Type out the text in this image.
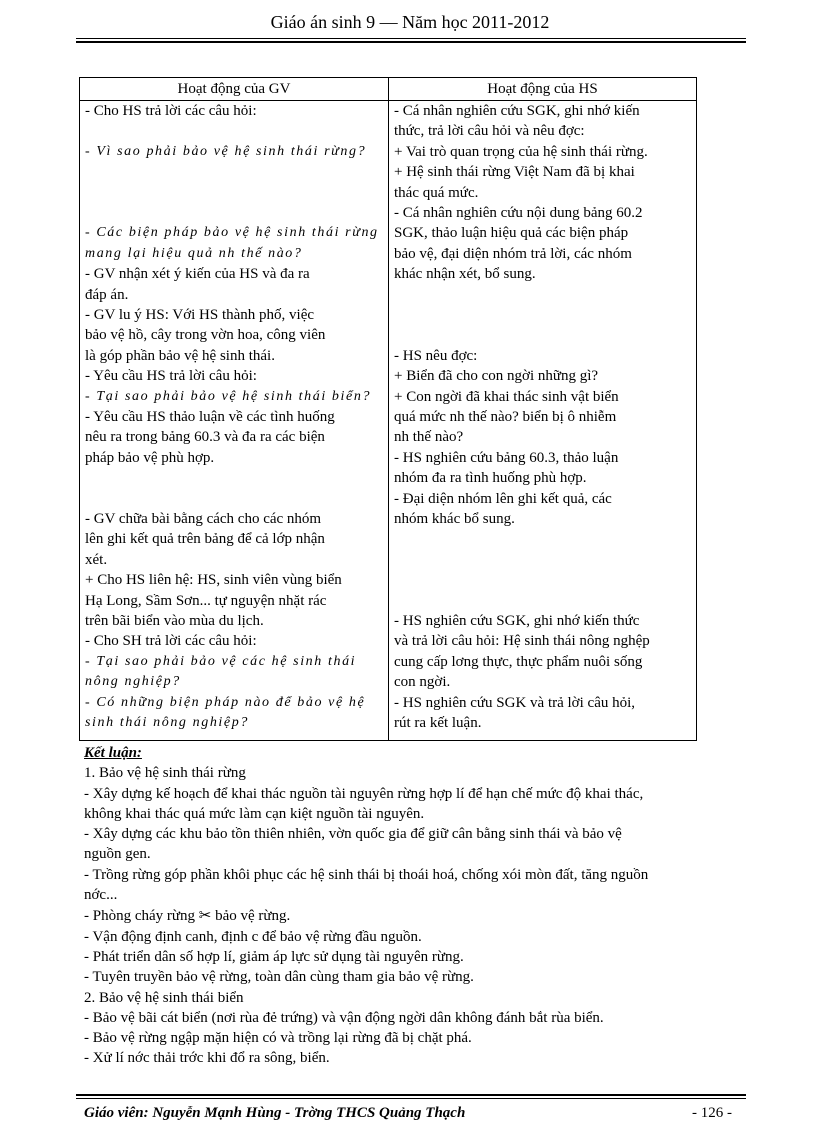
Giáo án sinh 9 — Năm học 2011-2012
Hoạt động của GV
- Cho HS trả lời các câu hỏi:
- Vì sao phải bảo vệ hệ sinh thái rừng?
- Các biện pháp bảo vệ hệ sinh thái rừng
mang lại hiệu quả nh thế nào?
- GV nhận xét ý kiến của HS và đa ra
đáp án.
- GV lu ý HS: Với HS thành phố, việc
bảo vệ hồ, cây trong vờn hoa, công viên
là góp phần bảo vệ hệ sinh thái.
- Yêu cầu HS trả lời câu hỏi:
- Tại sao phải bảo vệ hệ sinh thái biển?
- Yêu cầu HS thảo luận về các tình huống
nêu ra trong bảng 60.3 và đa ra các biện
pháp bảo vệ phù hợp.
- GV chữa bài bằng cách cho các nhóm
lên ghi kết quả trên bảng để cả lớp nhận
xét.
+ Cho HS liên hệ: HS, sinh viên vùng biển
Hạ Long, Sầm Sơn... tự nguyện nhặt rác
trên bãi biển vào mùa du lịch.
- Cho SH trả lời các câu hỏi:
- Tại sao phải bảo vệ các hệ sinh thái
nông nghiệp?
- Có những biện pháp nào để bảo vệ hệ
sinh thái nông nghiệp?
Hoạt động của HS
- Cá nhân nghiên cứu SGK, ghi nhớ kiến
thức, trả lời câu hỏi và nêu đợc:
+ Vai trò quan trọng của hệ sinh thái rừng.
+ Hệ sinh thái rừng Việt Nam đã bị khai
thác quá mức.
- Cá nhân nghiên cứu nội dung bảng 60.2
SGK, thảo luận hiệu quả các biện pháp
bảo vệ, đại diện nhóm trả lời, các nhóm
khác nhận xét, bổ sung.
- HS nêu đợc:
+ Biển đã cho con ngời những gì?
+ Con ngời đã khai thác sinh vật biển
quá mức nh thế nào? biển bị ô nhiễm
nh thế nào?
- HS nghiên cứu bảng 60.3, thảo luận
nhóm đa ra tình huống phù hợp.
- Đại diện nhóm lên ghi kết quả, các
nhóm khác bổ sung.
- HS nghiên cứu SGK, ghi nhớ kiến thức
và trả lời câu hỏi: Hệ sinh thái nông nghệp
cung cấp lơng thực, thực phẩm nuôi sống
con ngời.
- HS nghiên cứu SGK và trả lời câu hỏi,
rút ra kết luận.
Kết luận:
1. Bảo vệ hệ sinh thái rừng
- Xây dựng kế hoạch để khai thác nguồn tài nguyên rừng hợp lí để hạn chế mức độ khai thác,
không khai thác quá mức làm cạn kiệt nguồn tài nguyên.
- Xây dựng các khu bảo tồn thiên nhiên, vờn quốc gia để giữ cân bằng sinh thái và bảo vệ
nguồn gen.
- Trồng rừng góp phần khôi phục các hệ sinh thái bị thoái hoá, chống xói mòn đất, tăng nguồn
nớc...
- Phòng cháy rừng ✂ bảo vệ rừng.
- Vận động định canh, định c để bảo vệ rừng đầu nguồn.
- Phát triển dân số hợp lí, giảm áp lực sử dụng tài nguyên rừng.
- Tuyên truyền bảo vệ rừng, toàn dân cùng tham gia bảo vệ rừng.
2. Bảo vệ hệ sinh thái biển
- Bảo vệ bãi cát biển (nơi rùa đẻ trứng) và vận động ngời dân không đánh bắt rùa biển.
- Bảo vệ rừng ngập mặn hiện có và trồng lại rừng đã bị chặt phá.
- Xử lí nớc thải trớc khi đổ ra sông, biển.
Giáo viên: Nguyễn Mạnh Hùng - Trờng THCS Quảng Thạch	- 126 -
